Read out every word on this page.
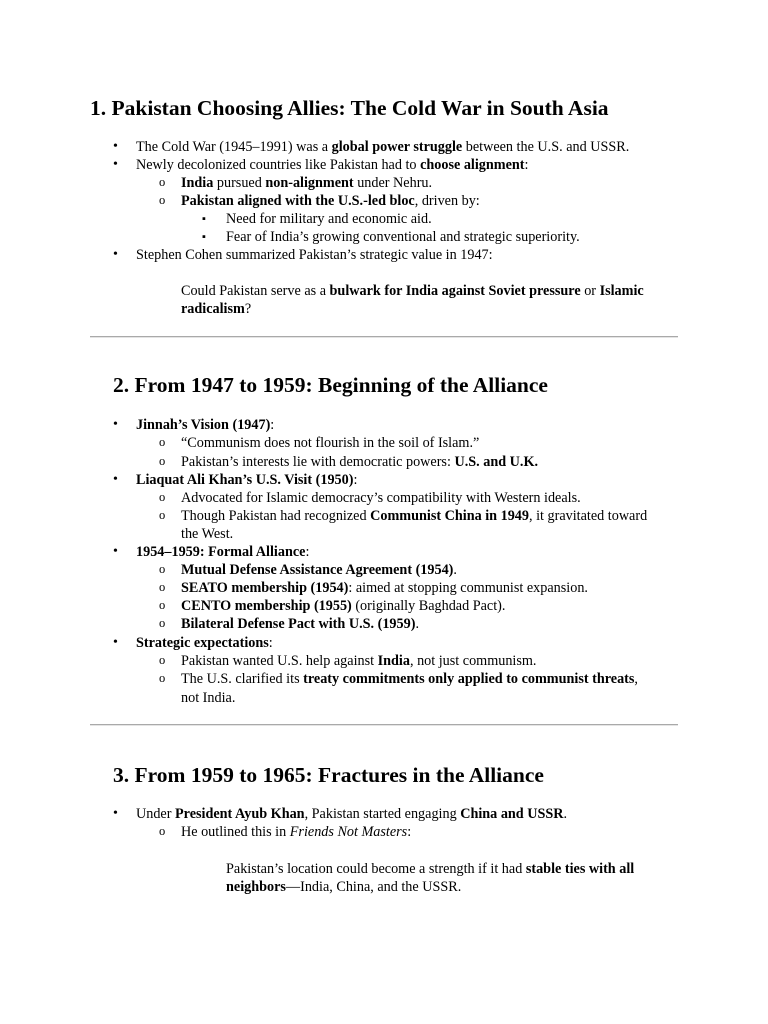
1. Pakistan Choosing Allies: The Cold War in South Asia
• The Cold War (1945–1991) was a global power struggle between the U.S. and USSR.
• Newly decolonized countries like Pakistan had to choose alignment:
o India pursued non-alignment under Nehru.
o Pakistan aligned with the U.S.-led bloc, driven by:
▪ Need for military and economic aid.
▪ Fear of India’s growing conventional and strategic superiority.
• Stephen Cohen summarized Pakistan’s strategic value in 1947:
Could Pakistan serve as a bulwark for India against Soviet pressure or Islamic
radicalism?
2. From 1947 to 1959: Beginning of the Alliance
• Jinnah’s Vision (1947):
o “Communism does not flourish in the soil of Islam.”
o Pakistan’s interests lie with democratic powers: U.S. and U.K.
• Liaquat Ali Khan’s U.S. Visit (1950):
o Advocated for Islamic democracy’s compatibility with Western ideals.
o Though Pakistan had recognized Communist China in 1949, it gravitated toward
the West.
• 1954–1959: Formal Alliance:
o Mutual Defense Assistance Agreement (1954).
o SEATO membership (1954): aimed at stopping communist expansion.
o CENTO membership (1955) (originally Baghdad Pact).
o Bilateral Defense Pact with U.S. (1959).
• Strategic expectations:
o Pakistan wanted U.S. help against India, not just communism.
o The U.S. clarified its treaty commitments only applied to communist threats,
not India.
3. From 1959 to 1965: Fractures in the Alliance
• Under President Ayub Khan, Pakistan started engaging China and USSR.
o He outlined this in Friends Not Masters:
Pakistan’s location could become a strength if it had stable ties with all
neighbors—India, China, and the USSR.
